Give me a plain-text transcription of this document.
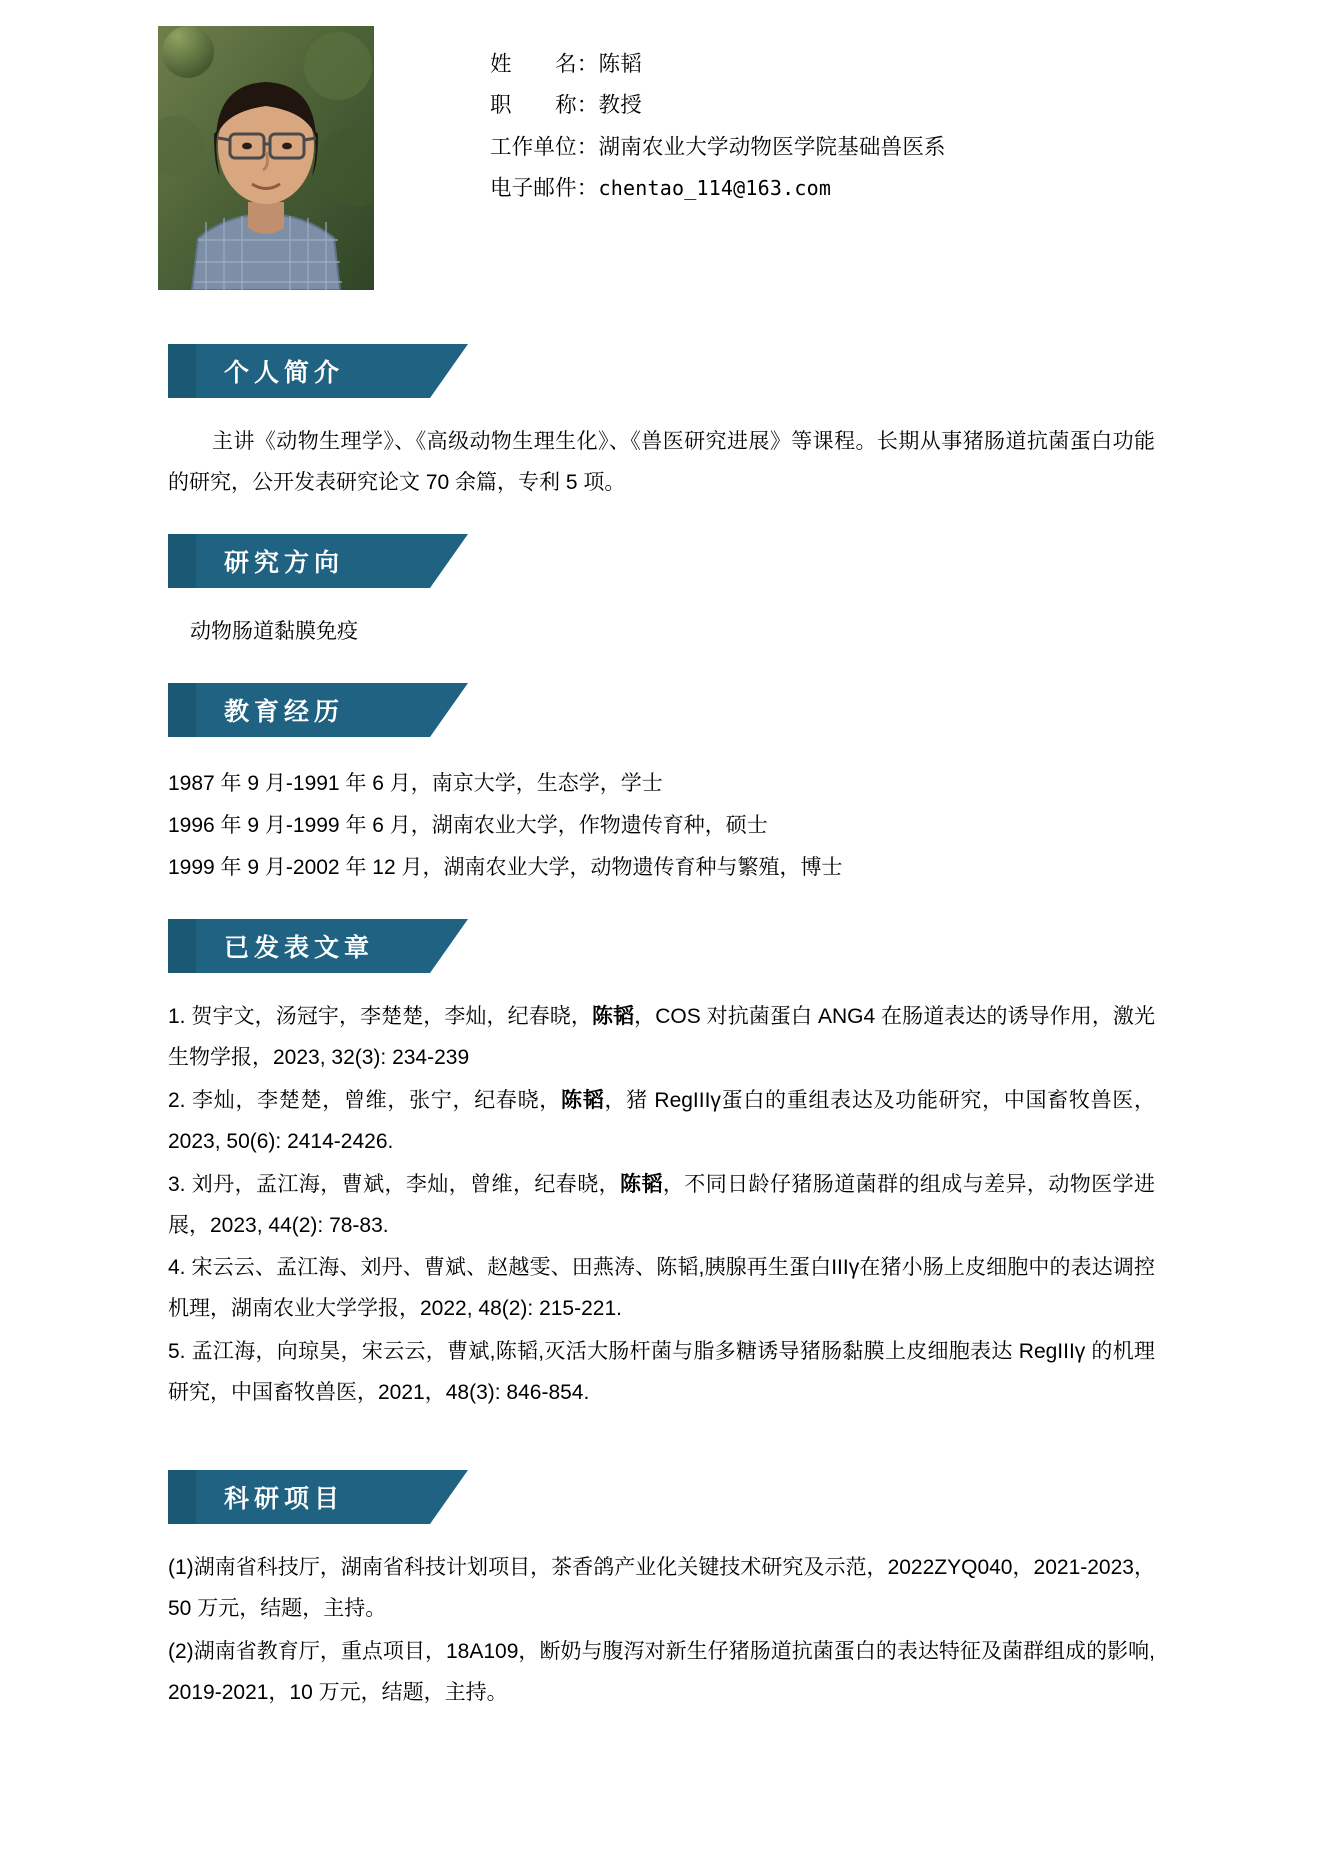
姓　　名：陈韬
职　　称：教授
工作单位：湖南农业大学动物医学院基础兽医系
电子邮件：chentao_114@163.com
个人简介
主讲《动物生理学》、《高级动物生理生化》、《兽医研究进展》等课程。长期从事猪肠道抗菌蛋白功能的研究，公开发表研究论文 70 余篇，专利 5 项。
研究方向
动物肠道黏膜免疫
教育经历
1987 年 9 月-1991 年 6 月，南京大学，生态学，学士
1996 年 9 月-1999 年 6 月，湖南农业大学，作物遗传育种，硕士
1999 年 9 月-2002 年 12 月，湖南农业大学，动物遗传育种与繁殖，博士
已发表文章
1. 贺宇文，汤冠宇，李楚楚，李灿，纪春晓，陈韬，COS 对抗菌蛋白 ANG4 在肠道表达的诱导作用，激光生物学报，2023, 32(3): 234-239
2. 李灿，李楚楚，曾维，张宁，纪春晓，陈韬，猪 RegIIIγ蛋白的重组表达及功能研究，中国畜牧兽医，2023, 50(6): 2414-2426.
3. 刘丹，孟江海，曹斌，李灿，曾维，纪春晓，陈韬，不同日龄仔猪肠道菌群的组成与差异，动物医学进展，2023, 44(2): 78-83.
4. 宋云云、孟江海、刘丹、曹斌、赵越雯、田燕涛、陈韬,胰腺再生蛋白IIIγ在猪小肠上皮细胞中的表达调控机理，湖南农业大学学报，2022, 48(2): 215-221.
5. 孟江海，向琼昊，宋云云，曹斌,陈韬,灭活大肠杆菌与脂多糖诱导猪肠黏膜上皮细胞表达 RegIIIγ 的机理研究，中国畜牧兽医，2021，48(3): 846-854.
科研项目
(1)湖南省科技厅，湖南省科技计划项目，茶香鸽产业化关键技术研究及示范，2022ZYQ040，2021-2023，50 万元，结题，主持。
(2)湖南省教育厅，重点项目，18A109，断奶与腹泻对新生仔猪肠道抗菌蛋白的表达特征及菌群组成的影响, 2019-2021，10 万元，结题，主持。
